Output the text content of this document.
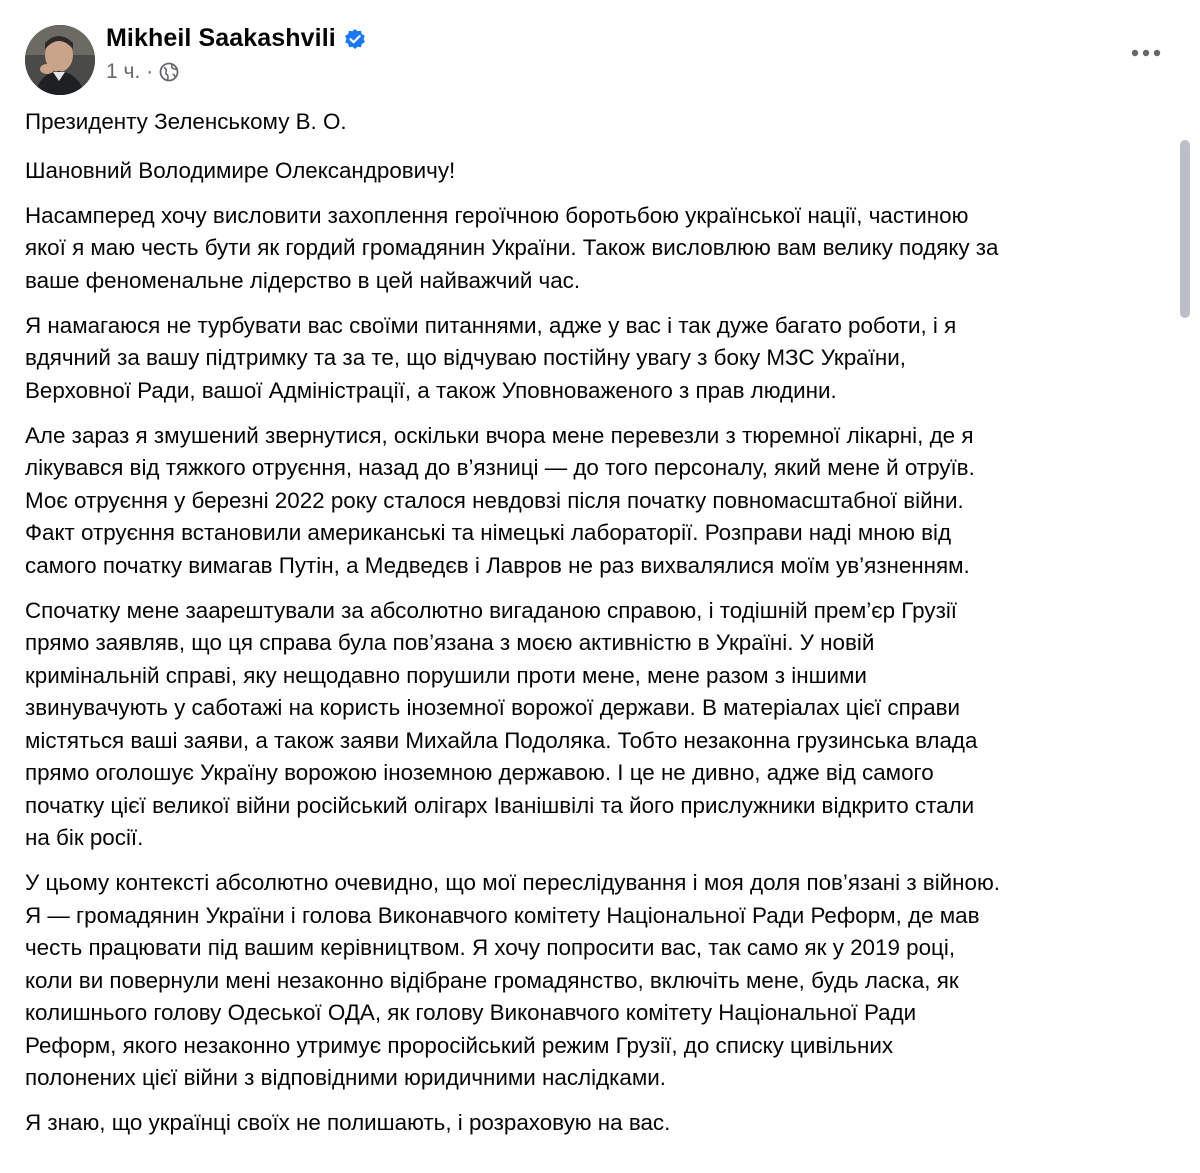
Mikheil Saakashvili
1 ч. ·

Президенту Зеленському В. О.

Шановний Володимире Олександровичу!

Насамперед хочу висловити захоплення героїчною боротьбою української нації, частиною

якої я маю честь бути як гордий громадянин України. Також висловлюю вам велику подяку за

ваше феноменальне лідерство в цей найважчий час.

Я намагаюся не турбувати вас своїми питаннями, адже у вас і так дуже багато роботи, і я

вдячний за вашу підтримку та за те, що відчуваю постійну увагу з боку МЗС України,

Верховної Ради, вашої Адміністрації, а також Уповноваженого з прав людини.

Але зараз я змушений звернутися, оскільки вчора мене перевезли з тюремної лікарні, де я

лікувався від тяжкого отруєння, назад до в’язниці — до того персоналу, який мене й отруїв.

Моє отруєння у березні 2022 року сталося невдовзі після початку повномасштабної війни.

Факт отруєння встановили американські та німецькі лабораторії. Розправи наді мною від

самого початку вимагав Путін, а Медведєв і Лавров не раз вихвалялися моїм ув’язненням.

Спочатку мене заарештували за абсолютно вигаданою справою, і тодішній прем’єр Грузії

прямо заявляв, що ця справа була пов’язана з моєю активністю в Україні. У новій

кримінальній справі, яку нещодавно порушили проти мене, мене разом з іншими

звинувачують у саботажі на користь іноземної ворожої держави. В матеріалах цієї справи

містяться ваші заяви, а також заяви Михайла Подоляка. Тобто незаконна грузинська влада

прямо оголошує Україну ворожою іноземною державою. І це не дивно, адже від самого

початку цієї великої війни російський олігарх Іванішвілі та його прислужники відкрито стали

на бік росії.

У цьому контексті абсолютно очевидно, що мої переслідування і моя доля пов’язані з війною.

Я — громадянин України і голова Виконавчого комітету Національної Ради Реформ, де мав

честь працювати під вашим керівництвом. Я хочу попросити вас, так само як у 2019 році,

коли ви повернули мені незаконно відібране громадянство, включіть мене, будь ласка, як

колишнього голову Одеської ОДА, як голову Виконавчого комітету Національної Ради

Реформ, якого незаконно утримує проросійський режим Грузії, до списку цивільних

полонених цієї війни з відповідними юридичними наслідками.

Я знаю, що українці своїх не полишають, і розраховую на вас.
